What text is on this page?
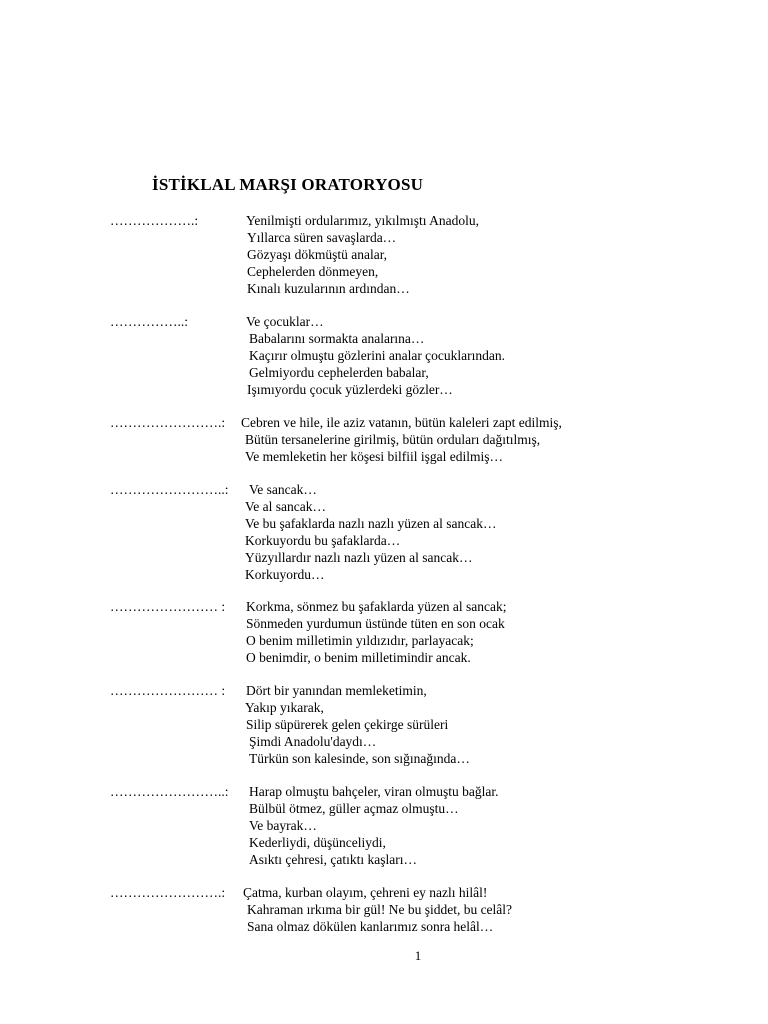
İSTİKLAL MARŞI ORATORYOSU
……………….:	Yenilmişti ordularımız, yıkılmıştı Anadolu,
Yıllarca süren savaşlarda…
Gözyaşı dökmüştü analar,
Cephelerden dönmeyen,
Kınalı kuzularının ardından…
……………..:	Ve çocuklar…
Babalarını sormakta analarına…
Kaçırır olmuştu gözlerini analar çocuklarından.
Gelmiyordu cephelerden babalar,
Işımıyordu çocuk yüzlerdeki gözler…
…………………….: Cebren ve hile, ile aziz vatanın, bütün kaleleri zapt edilmiş,
Bütün tersanelerine girilmiş, bütün orduları dağıtılmış,
Ve memleketin her köşesi bilfiil işgal edilmiş…
……………………..: Ve sancak…
Ve al sancak…
Ve bu şafaklarda nazlı nazlı yüzen al sancak…
Korkuyordu bu şafaklarda…
Yüzyıllardır nazlı nazlı yüzen al sancak…
Korkuyordu…
…………………… : Korkma, sönmez bu şafaklarda yüzen al sancak;
Sönmeden yurdumun üstünde tüten en son ocak
O benim milletimin yıldızıdır, parlayacak;
O benimdir, o benim milletimindir ancak.
…………………… : Dört bir yanından memleketimin,
Yakıp yıkarak,
Silip süpürerek gelen çekirge sürüleri
Şimdi Anadolu'daydı…
Türkün son kalesinde, son sığınağında…
……………………..: Harap olmuştu bahçeler, viran olmuştu bağlar.
Bülbül ötmez, güller açmaz olmuştu…
Ve bayrak…
Kederliydi, düşünceliydi,
Asıktı çehresi, çatıktı kaşları…
…………………….: Çatma, kurban olayım, çehreni ey nazlı hilâl!
Kahraman ırkıma bir gül! Ne bu şiddet, bu celâl?
Sana olmaz dökülen kanlarımız sonra helâl…
1
